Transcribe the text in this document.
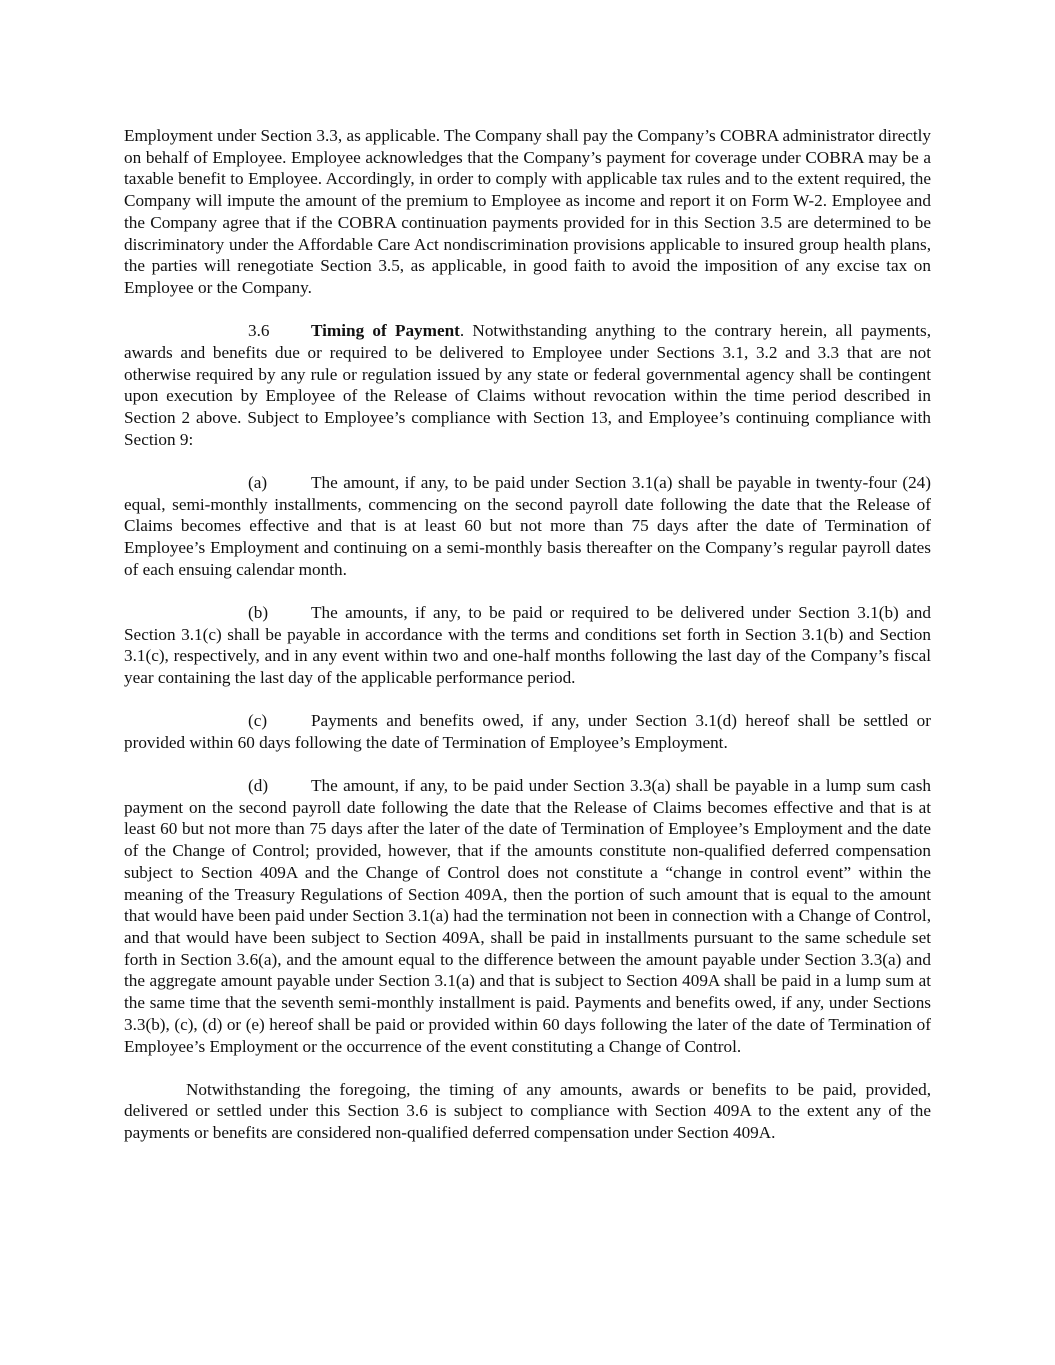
Employment under Section 3.3, as applicable. The Company shall pay the Company’s COBRA administrator directly on behalf of Employee. Employee acknowledges that the Company’s payment for coverage under COBRA may be a taxable benefit to Employee. Accordingly, in order to comply with applicable tax rules and to the extent required, the Company will impute the amount of the premium to Employee as income and report it on Form W-2. Employee and the Company agree that if the COBRA continuation payments provided for in this Section 3.5 are determined to be discriminatory under the Affordable Care Act nondiscrimination provisions applicable to insured group health plans, the parties will renegotiate Section 3.5, as applicable, in good faith to avoid the imposition of any excise tax on Employee or the Company.

3.6 Timing of Payment. Notwithstanding anything to the contrary herein, all payments, awards and benefits due or required to be delivered to Employee under Sections 3.1, 3.2 and 3.3 that are not otherwise required by any rule or regulation issued by any state or federal governmental agency shall be contingent upon execution by Employee of the Release of Claims without revocation within the time period described in Section 2 above. Subject to Employee’s compliance with Section 13, and Employee’s continuing compliance with Section 9:

(a)	The amount, if any, to be paid under Section 3.1(a) shall be payable in twenty-four (24) equal, semi-monthly installments, commencing on the second payroll date following the date that the Release of Claims becomes effective and that is at least 60 but not more than 75 days after the date of Termination of Employee’s Employment and continuing on a semi-monthly basis thereafter on the Company’s regular payroll dates of each ensuing calendar month.

(b) The amounts, if any, to be paid or required to be delivered under Section 3.1(b) and Section 3.1(c) shall be payable in accordance with the terms and conditions set forth in Section 3.1(b) and Section 3.1(c), respectively, and in any event within two and one-half months following the last day of the Company’s fiscal year containing the last day of the applicable performance period.

(c)	Payments and benefits owed, if any, under Section 3.1(d) hereof shall be settled or provided within 60 days following the date of Termination of Employee’s Employment.

(d) The amount, if any, to be paid under Section 3.3(a) shall be payable in a lump sum cash payment on the second payroll date following the date that the Release of Claims becomes effective and that is at least 60 but not more than 75 days after the later of the date of Termination of Employee’s Employment and the date of the Change of Control; provided, however, that if the amounts constitute non-qualified deferred compensation subject to Section 409A and the Change of Control does not constitute a “change in control event” within the meaning of the Treasury Regulations of Section 409A, then the portion of such amount that is equal to the amount that would have been paid under Section 3.1(a) had the termination not been in connection with a Change of Control, and that would have been subject to Section 409A, shall be paid in installments pursuant to the same schedule set forth in Section 3.6(a), and the amount equal to the difference between the amount payable under Section 3.3(a) and the aggregate amount payable under Section 3.1(a) and that is subject to Section 409A shall be paid in a lump sum at the same time that the seventh semi-monthly installment is paid. Payments and benefits owed, if any, under Sections 3.3(b), (c), (d) or (e) hereof shall be paid or provided within 60 days following the later of the date of Termination of Employee’s Employment or the occurrence of the event constituting a Change of Control.

Notwithstanding the foregoing, the timing of any amounts, awards or benefits to be paid, provided, delivered or settled under this Section 3.6 is subject to compliance with Section 409A to the extent any of the payments or benefits are considered non-qualified deferred compensation under Section 409A.
